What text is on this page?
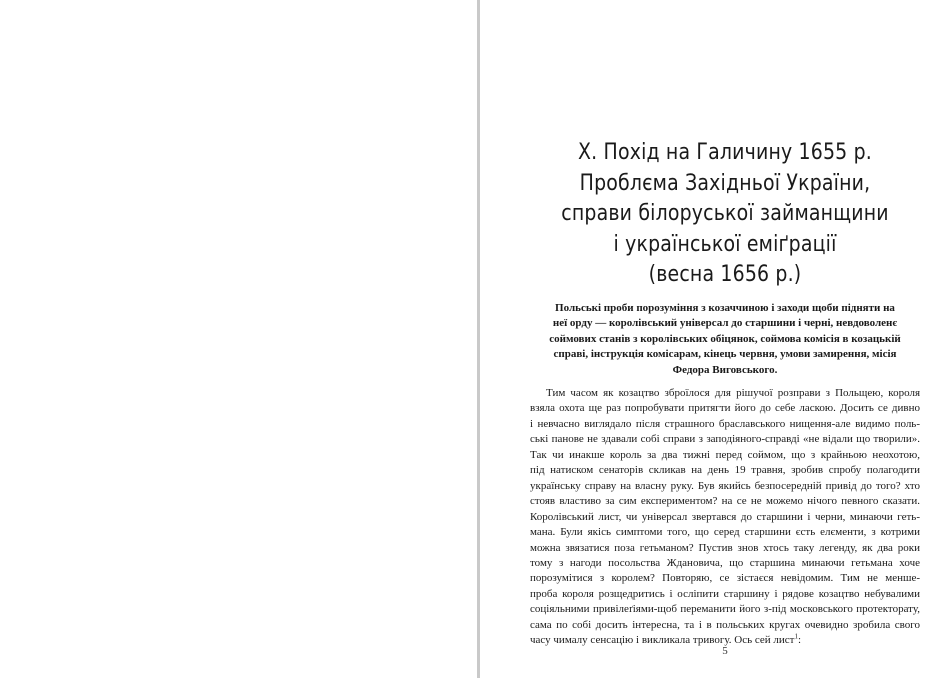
X. Похід на Галичину 1655 р.
Проблєма Західньої України,
справи білоруської займанщини
і української еміґрації
(весна 1656 р.)

Польські проби порозуміння з козаччиною і заходи щоби підняти на
неї орду — королівський універсал до старшини і черні, невдоволенє
соймових станів з королівських обіцянок, соймова комісія в козацькій
справі, інструкція комісарам, кінець червня, умови замирення, місія
Федора Виговського.

Тим часом як козацтво зброїлося для рішучої розправи з Польщею, короля
взяла охота ще раз попробувати притягти його до себе ласкою. Досить се дивно
і невчасно виглядало після страшного браславського нищення-але видимо поль-
ські панове не здавали собі справи з заподіяного-справді «не відали що творили».
Так чи инакше король за два тижні перед соймом, що з крайньою неохотою,
під натиском сенаторів скликав на день 19 травня, зробив спробу полагодити
українську справу на власну руку. Був якийсь безпосередній привід до того? хто
стояв властиво за сим експериментом? на се не можемо нічого певного сказати.
Королівський лист, чи універсал звертався до старшини і черни, минаючи геть-
мана. Були якісь симптоми того, що серед старшини єсть елєменти, з котрими
можна звязатися поза гетьманом? Пустив знов хтось таку легенду, як два роки
тому з нагоди посольства Ждановича, що старшина минаючи гетьмана хоче
порозумітися з королем? Повторяю, се зістаєся невідомим. Тим не менше-
проба короля розщедритись і осліпити старшину і рядове козацтво небувалими
соціяльними привілеґіями-щоб переманити його з-під московського протекторату,
сама по собі досить інтересна, та і в польських кругах очевидно зробила свого
часу чималу сенсацію і викликала тривогу. Ось сей лист$^1$:

5
